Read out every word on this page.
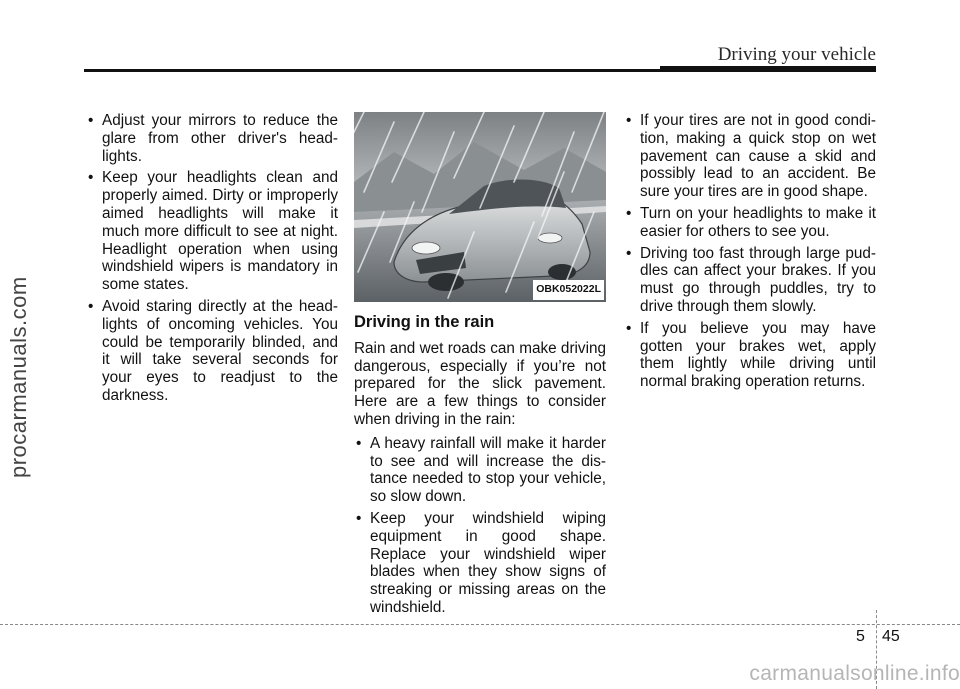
Driving your vehicle
procarmanuals.com
• Adjust your mirrors to reduce the glare from other driver's head-lights.
• Keep your headlights clean and properly aimed. Dirty or improperly aimed headlights will make it much more difficult to see at night. Headlight operation when using windshield wipers is mandatory in some states.
• Avoid staring directly at the head-lights of oncoming vehicles. You could be temporarily blinded, and it will take several seconds for your eyes to readjust to the darkness.
OBK052022L
Driving in the rain

Rain and wet roads can make driving dangerous, especially if you’re not prepared for the slick pavement. Here are a few things to consider when driving in the rain:

• A heavy rainfall will make it harder to see and will increase the dis-tance needed to stop your vehicle, so slow down.
• Keep your windshield wiping equipment in good shape. Replace your windshield wiper blades when they show signs of streaking or missing areas on the windshield.
• If your tires are not in good condi-tion, making a quick stop on wet pavement can cause a skid and possibly lead to an accident. Be sure your tires are in good shape.
• Turn on your headlights to make it easier for others to see you.
• Driving too fast through large pud-dles can affect your brakes. If you must go through puddles, try to drive through them slowly.
• If you believe you may have gotten your brakes wet, apply them lightly while driving until normal braking operation returns.
5 45
carmanualsonline.info
